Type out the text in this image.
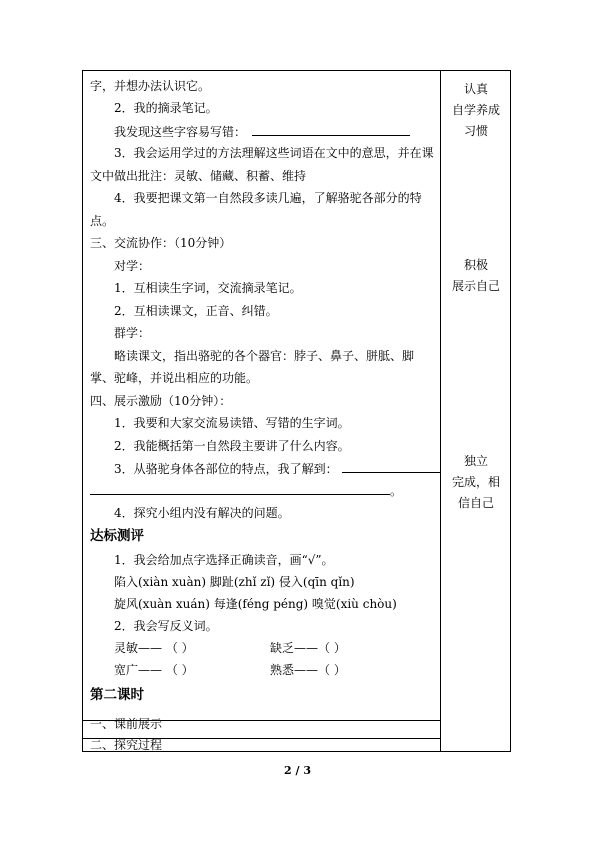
字，并想办法认识它。
2．我的摘录笔记。
我发现这些字容易写错：
3．我会运用学过的方法理解这些词语在文中的意思，并在课
文中做出批注：灵敏、储藏、积蓄、维持
4．我要把课文第一自然段多读几遍，了解骆驼各部分的特
点。
三、交流协作：（10分钟）
对学：
1．互相读生字词，交流摘录笔记。
2．互相读课文，正音、纠错。
群学：
略读课文，指出骆驼的各个器官：脖子、鼻子、胼胝、脚
掌、驼峰，并说出相应的功能。
四、展示激励（10分钟）：
1．我要和大家交流易读错、写错的生字词。
2．我能概括第一自然段主要讲了什么内容。
3．从骆驼身体各部位的特点，我了解到：
。
4．探究小组内没有解决的问题。
达标测评
1．我会给加点字选择正确读音，画“√”。
陷入(xiàn xuàn) 脚趾(zhǐ zǐ) 侵入(qīn qǐn)
旋风(xuàn xuán) 每逢(féng péng) 嗅觉(xiù chòu)
2．我会写反义词。
灵敏—— （ ）	缺乏——（ ）
宽广—— （ ）	熟悉——（ ）
第二课时
一、课前展示
二、探究过程
认真
自学养成
习惯
积极
展示自己
独立
完成，相
信自己
2 / 3
